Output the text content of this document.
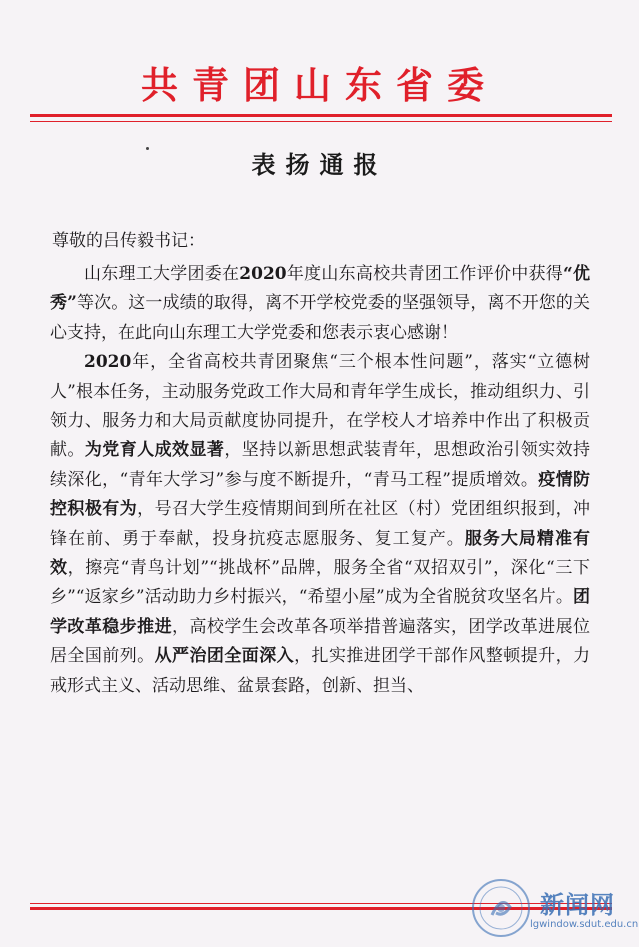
共青团山东省委
表扬通报

尊敬的吕传毅书记：

山东理工大学团委在2020年度山东高校共青团工作评价中获得“优秀”等次。这一成绩的取得，离不开学校党委的坚强领导，离不开您的关心支持，在此向山东理工大学党委和您表示衷心感谢！

2020年，全省高校共青团聚焦“三个根本性问题”，落实“立德树人”根本任务，主动服务党政工作大局和青年学生成长，推动组织力、引领力、服务力和大局贡献度协同提升，在学校人才培养中作出了积极贡献。为党育人成效显著，坚持以新思想武装青年，思想政治引领实效持续深化，“青年大学习”参与度不断提升，“青马工程”提质增效。疫情防控积极有为，号召大学生疫情期间到所在社区（村）党团组织报到，冲锋在前、勇于奉献，投身抗疫志愿服务、复工复产。服务大局精准有效，擦亮“青鸟计划”“挑战杯”品牌，服务全省“双招双引”，深化“三下乡”“返家乡”活动助力乡村振兴，“希望小屋”成为全省脱贫攻坚名片。团学改革稳步推进，高校学生会改革各项举措普遍落实，团学改革进展位居全国前列。从严治团全面深入，扎实推进团学干部作风整顿提升，力戒形式主义、活动思维、盆景套路，创新、担当、

新闻网
lgwindow.sdut.edu.cn
